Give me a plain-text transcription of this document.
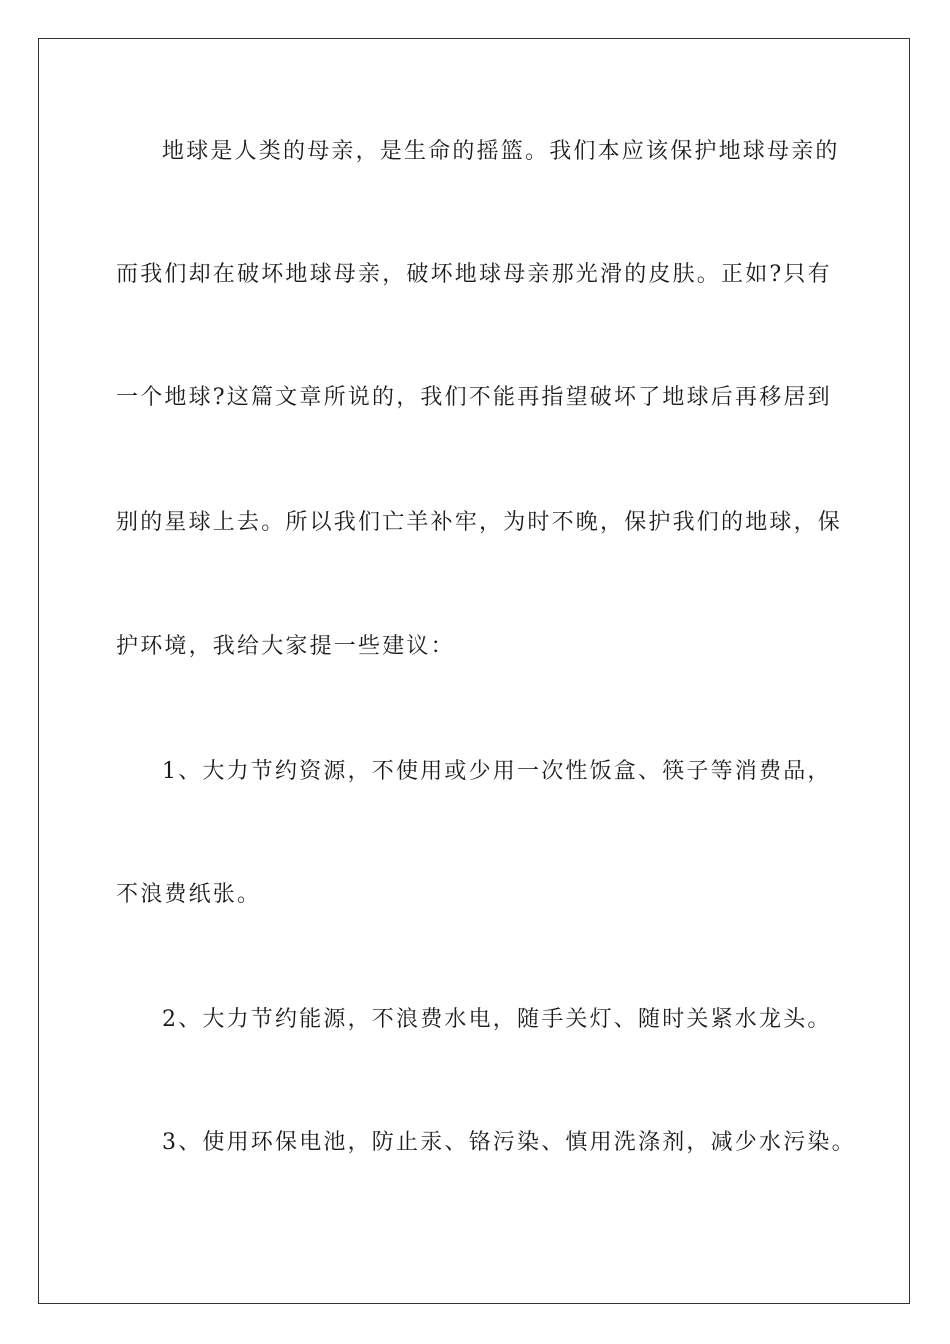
地球是人类的母亲，是生命的摇篮。我们本应该保护地球母亲的
而我们却在破坏地球母亲，破坏地球母亲那光滑的皮肤。正如?只有
一个地球?这篇文章所说的，我们不能再指望破坏了地球后再移居到
别的星球上去。所以我们亡羊补牢，为时不晚，保护我们的地球，保
护环境，我给大家提一些建议：
1、大力节约资源，不使用或少用一次性饭盒、筷子等消费品，
不浪费纸张。
2、大力节约能源，不浪费水电，随手关灯、随时关紧水龙头。
3、使用环保电池，防止汞、铬污染、慎用洗涤剂，减少水污染。
